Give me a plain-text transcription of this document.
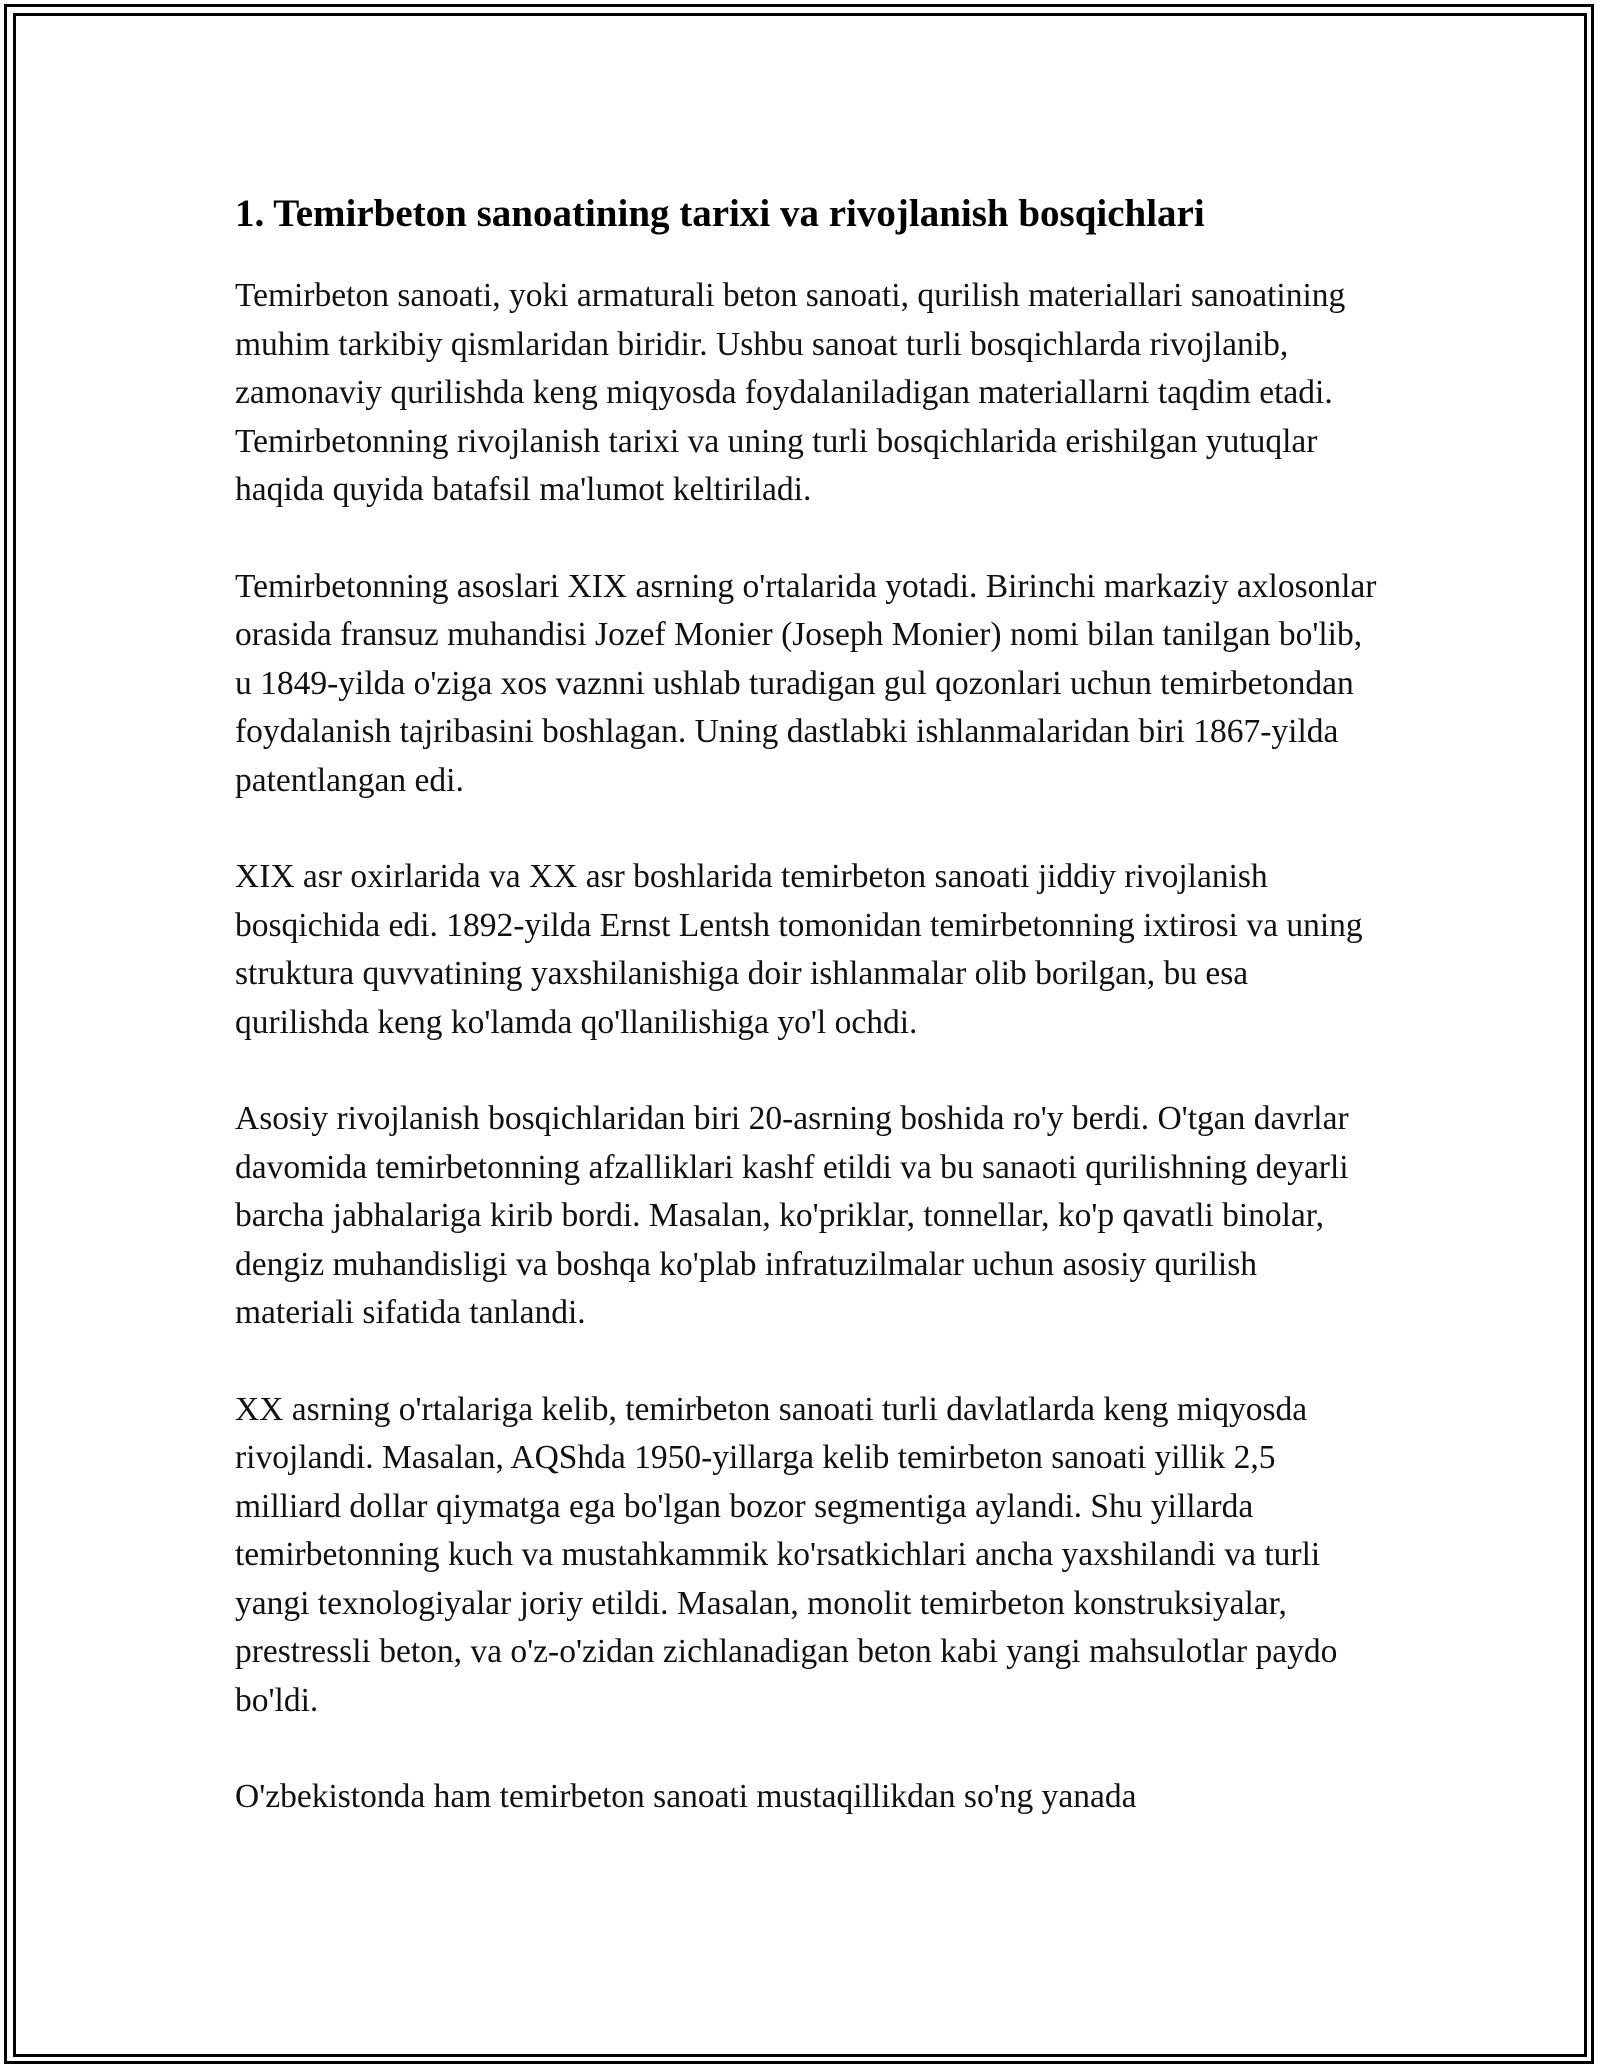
1. Temirbeton sanoatining tarixi va rivojlanish bosqichlari

Temirbeton sanoati, yoki armaturali beton sanoati, qurilish materiallari sanoatining muhim tarkibiy qismlaridan biridir. Ushbu sanoat turli bosqichlarda rivojlanib, zamonaviy qurilishda keng miqyosda foydalaniladigan materiallarni taqdim etadi. Temirbetonning rivojlanish tarixi va uning turli bosqichlarida erishilgan yutuqlar haqida quyida batafsil ma'lumot keltiriladi.

Temirbetonning asoslari XIX asrning o'rtalarida yotadi. Birinchi markaziy axlosonlar orasida fransuz muhandisi Jozef Monier (Joseph Monier) nomi bilan tanilgan bo'lib, u 1849-yilda o'ziga xos vaznni ushlab turadigan gul qozonlari uchun temirbetondan foydalanish tajribasini boshlagan. Uning dastlabki ishlanmalaridan biri 1867-yilda patentlangan edi.

XIX asr oxirlarida va XX asr boshlarida temirbeton sanoati jiddiy rivojlanish bosqichida edi. 1892-yilda Ernst Lentsh tomonidan temirbetonning ixtirosi va uning struktura quvvatining yaxshilanishiga doir ishlanmalar olib borilgan, bu esa qurilishda keng ko'lamda qo'llanilishiga yo'l ochdi.

Asosiy rivojlanish bosqichlaridan biri 20-asrning boshida ro'y berdi. O'tgan davrlar davomida temirbetonning afzalliklari kashf etildi va bu sanaoti qurilishning deyarli barcha jabhalariga kirib bordi. Masalan, ko'priklar, tonnellar, ko'p qavatli binolar, dengiz muhandisligi va boshqa ko'plab infratuzilmalar uchun asosiy qurilish materiali sifatida tanlandi.

XX asrning o'rtalariga kelib, temirbeton sanoati turli davlatlarda keng miqyosda rivojlandi. Masalan, AQShda 1950-yillarga kelib temirbeton sanoati yillik 2,5 milliard dollar qiymatga ega bo'lgan bozor segmentiga aylandi. Shu yillarda temirbetonning kuch va mustahkammik ko'rsatkichlari ancha yaxshilandi va turli yangi texnologiyalar joriy etildi. Masalan, monolit temirbeton konstruksiyalar, prestressli beton, va o'z-o'zidan zichlanadigan beton kabi yangi mahsulotlar paydo bo'ldi.

O'zbekistonda ham temirbeton sanoati mustaqillikdan so'ng yanada
